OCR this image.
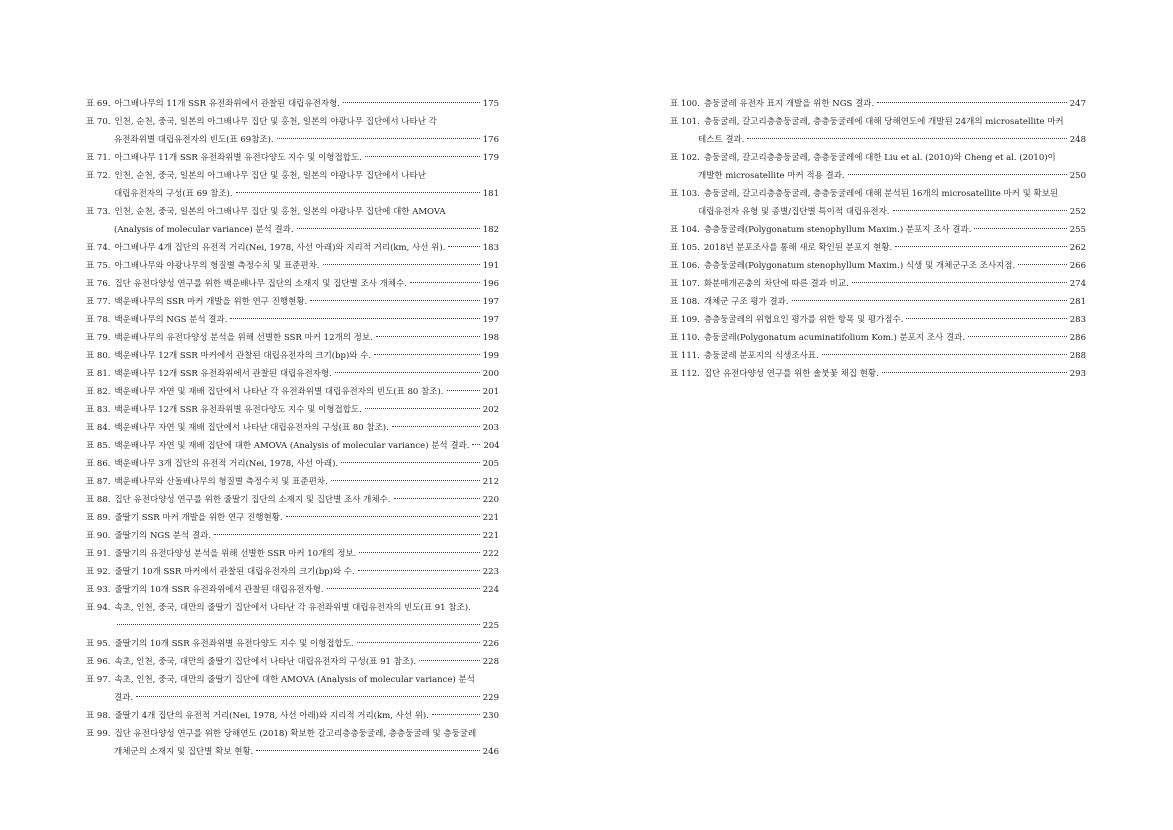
표 69. 아그배나무의 11개 SSR 유전좌위에서 관찰된 대립유전자형.	175
표 70. 인천, 순천, 중국, 일본의 아그배나무 집단 및 홍천, 일본의 야광나무 집단에서 나타난 각
유전좌위별 대립유전자의 빈도(표 69참조).	176
표 71. 아그배나무 11개 SSR 유전좌위별 유전다양도 지수 및 이형접합도.	179
표 72. 인천, 순천, 중국, 일본의 아그배나무 집단 및 홍천, 일본의 야광나무 집단에서 나타난
대립유전자의 구성(표 69 참조).	181
표 73. 인천, 순천, 중국, 일본의 아그배나무 집단 및 홍천, 일본의 야광나무 집단에 대한 AMOVA
(Analysis of molecular variance) 분석 결과.	182
표 74. 아그배나무 4개 집단의 유전적 거리(Nei, 1978, 사선 아래)와 지리적 거리(km, 사선 위).	183
표 75. 아그배나무와 야광나무의 형질별 측정수치 및 표준편차.	191
표 76. 집단 유전다양성 연구를 위한 백운배나무 집단의 소재지 및 집단별 조사 개체수.	196
표 77. 백운배나무의 SSR 마커 개발을 위한 연구 진행현황.	197
표 78. 백운배나무의 NGS 분석 결과.	197
표 79. 백운배나무의 유전다양성 분석을 위해 선별한 SSR 마커 12개의 정보.	198
표 80. 백운배나무 12개 SSR 마커에서 관찰된 대립유전자의 크기(bp)와 수.	199
표 81. 백운배나무 12개 SSR 유전좌위에서 관찰된 대립유전자형.	200
표 82. 백운배나무 자연 및 재배 집단에서 나타난 각 유전좌위별 대립유전자의 빈도(표 80 참조).	201
표 83. 백운배나무 12개 SSR 유전좌위별 유전다양도 지수 및 이형접합도.	202
표 84. 백운배나무 자연 및 재배 집단에서 나타난 대립유전자의 구성(표 80 참조).	203
표 85. 백운배나무 자연 및 재배 집단에 대한 AMOVA (Analysis of molecular variance) 분석 결과. 204
표 86. 백운배나무 3개 집단의 유전적 거리(Nei, 1978, 사선 아래).	205
표 87. 백운배나무와 산돌배나무의 형질별 측정수치 및 표준편차.	212
표 88. 집단 유전다양성 연구를 위한 줄딸기 집단의 소재지 및 집단별 조사 개체수.	220
표 89. 줄딸기 SSR 마커 개발을 위한 연구 진행현황.	221
표 90. 줄딸기의 NGS 분석 결과.	221
표 91. 줄딸기의 유전다양성 분석을 위해 선별한 SSR 마커 10개의 정보.	222
표 92. 줄딸기 10개 SSR 마커에서 관찰된 대립유전자의 크기(bp)와 수.	223
표 93. 줄딸기의 10개 SSR 유전좌위에서 관찰된 대립유전자형.	224
표 94. 속초, 인천, 중국, 대만의 줄딸기 집단에서 나타난 각 유전좌위별 대립유전자의 빈도(표 91 참조).
225
표 95. 줄딸기의 10개 SSR 유전좌위별 유전다양도 지수 및 이형접합도.	226
표 96. 속초, 인천, 중국, 대만의 줄딸기 집단에서 나타난 대립유전자의 구성(표 91 참조).	228
표 97. 속초, 인천, 중국, 대만의 줄딸기 집단에 대한 AMOVA (Analysis of molecular variance) 분석
결과.	229
표 98. 줄딸기 4개 집단의 유전적 거리(Nei, 1978, 사선 아래)와 지리적 거리(km, 사선 위).	230
표 99. 집단 유전다양성 연구를 위한 당해연도 (2018) 확보한 갈고리층층둥굴레, 층층둥굴레 및 층둥굴레
개체군의 소재지 및 집단별 확보 현황.	246
표 100. 층둥굴레 유전자 표지 개발을 위한 NGS 결과.	247
표 101. 층둥굴레, 갈고리층층둥굴레, 층층둥굴레에 대해 당해연도에 개발된 24개의 microsatellite 마커
테스트 결과.	248
표 102. 층둥굴레, 갈고리층층둥굴레, 층층둥굴레에 대한 Liu et al. (2010)와 Cheng et al. (2010)이
개발한 microsatellite 마커 적용 결과.	250
표 103. 층둥굴레, 갈고리층층둥굴레, 층층둥굴레에 대해 분석된 16개의 microsatellite 마커 및 확보된
대립유전자 유형 및 종별/집단별 특이적 대립유전자.	252
표 104. 층층둥굴레(Polygonatum stenophyllum Maxim.) 분포지 조사 결과.	255
표 105. 2018년 분포조사를 통해 새로 확인된 분포지 현황.	262
표 106. 층층둥굴레(Polygonatum stenophyllum Maxim.) 식생 및 개체군구조 조사지점.	266
표 107. 화분매개곤충의 차단에 따른 결과 비교.	274
표 108. 개체군 구조 평가 결과.	281
표 109. 층층둥굴레의 위협요인 평가를 위한 항목 및 평가점수.	283
표 110. 층둥굴레(Polygonatum acuminatifolium Kom.) 분포지 조사 결과.	286
표 111. 층둥굴레 분포지의 식생조사표.	288
표 112. 집단 유전다양성 연구를 위한 솔붓꽃 채집 현황.	293
